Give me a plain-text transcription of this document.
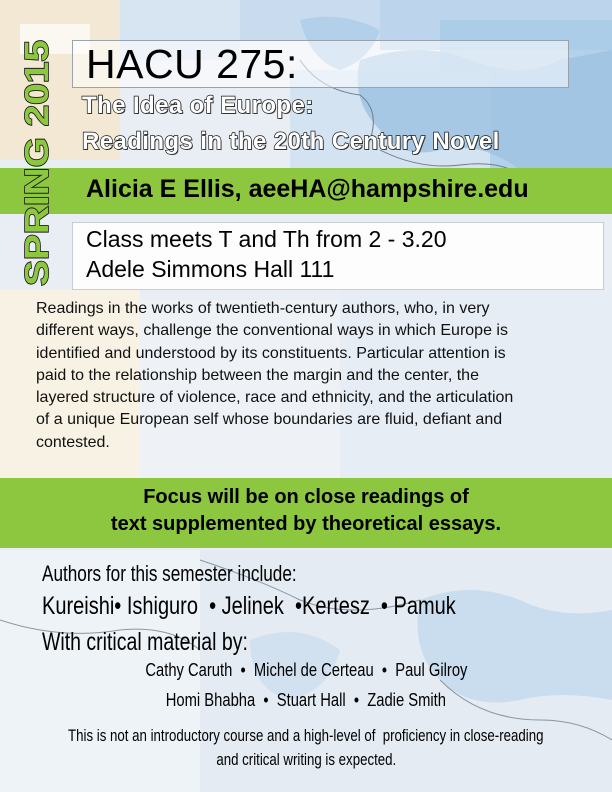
HACU 275:
The Idea of Europe:
Readings in the 20th Century Novel
Alicia E Ellis, aeeHA@hampshire.edu
Class meets T and Th from 2 - 3.20
Adele Simmons Hall 111
SPRING 2015
Readings in the works of twentieth-century authors, who, in very
different ways, challenge the conventional ways in which Europe is
identified and understood by its constituents. Particular attention is
paid to the relationship between the margin and the center, the
layered structure of violence, race and ethnicity, and the articulation
of a unique European self whose boundaries are fluid, defiant and
contested.
Focus will be on close readings of
text supplemented by theoretical essays.
Authors for this semester include:
Kureishi• Ishiguro  • Jelinek  •Kertesz  • Pamuk
With critical material by:
Cathy Caruth  •  Michel de Certeau  •  Paul Gilroy
Homi Bhabha  •  Stuart Hall  •  Zadie Smith
This is not an introductory course and a high-level of  proficiency in close-reading
and critical writing is expected.
